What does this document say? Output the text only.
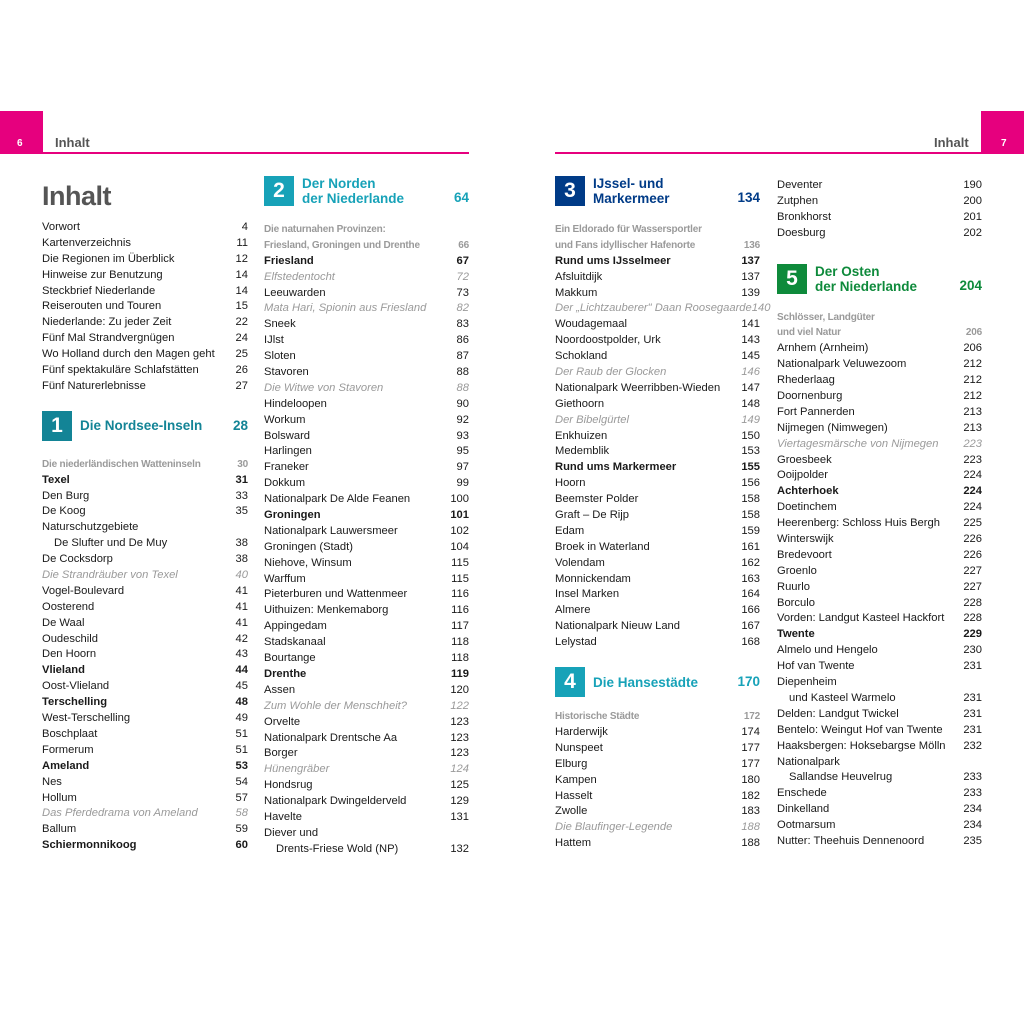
6 Inhalt	7
Inhalt
Inhalt
Vorwort	4
Kartenverzeichnis	11
Die Regionen im Überblick	12
Hinweise zur Benutzung	14
Steckbrief Niederlande	14
Reiserouten und Touren	15
Niederlande: Zu jeder Zeit	22
Fünf Mal Strandvergnügen	24
Wo Holland durch den Magen geht 25
Fünf spektakuläre Schlafstätten	26
Fünf Naturerlebnisse	27
1	Die Nordsee-Inseln	28
Die niederländischen Watteninseln	30
Texel	31
Den Burg	33
De Koog	35
Naturschutzgebiete
De Slufter und De Muy	38
De Cocksdorp	38
Die Strandräuber von Texel	40
Vogel-Boulevard	41
Oosterend	41
De Waal	41
Oudeschild	42
Den Hoorn	43
Vlieland	44
Oost-Vlieland	45
Terschelling	48
West-Terschelling	49
Boschplaat	51
Formerum	51
Ameland	53
Nes	54
Hollum	57
Das Pferdedrama von Ameland	58
Ballum	59
Schiermonnikoog	60
2	Der Norden
der Niederlande	64
Die naturnahen Provinzen:
Friesland, Groningen und Drenthe	66
Friesland	67
Elfstedentocht	72
Leeuwarden	73
Mata Hari, Spionin aus Friesland	82
Sneek	83
IJlst	86
Sloten	87
Stavoren	88
Die Witwe von Stavoren	88
Hindeloopen	90
Workum	92
Bolsward	93
Harlingen	95
Franeker	97
Dokkum	99
Nationalpark De Alde Feanen	100
Groningen	101
Nationalpark Lauwersmeer	102
Groningen (Stadt)	104
Niehove, Winsum	115
Warffum	115
Pieterburen und Wattenmeer	116
Uithuizen: Menkemaborg	116
Appingedam	117
Stadskanaal	118
Bourtange	118
Drenthe	119
Assen	120
Zum Wohle der Menschheit?	122
Orvelte	123
Nationalpark Drentsche Aa	123
Borger	123
Hünengräber	124
Hondsrug	125
Nationalpark Dwingelderveld	129
Havelte	131
Diever und
Drents-Friese Wold (NP)	132
3	IJssel- und
Markermeer	134
Ein Eldorado für Wassersportler
und Fans idyllischer Hafenorte	136
Rund ums IJsselmeer	137
Afsluitdijk	137
Makkum	139
Der „Lichtzauberer" Daan Roosegaarde 140
Woudagemaal	141
Noordoostpolder, Urk	143
Schokland	145
Der Raub der Glocken	146
Nationalpark Weerribben-Wieden 147
Giethoorn	148
Der Bibelgürtel	149
Enkhuizen	150
Medemblik	153
Rund ums Markermeer	155
Hoorn	156
Beemster Polder	158
Graft – De Rijp	158
Edam	159
Broek in Waterland	161
Volendam	162
Monnickendam	163
Insel Marken	164
Almere	166
Nationalpark Nieuw Land	167
Lelystad	168
4	Die Hansestädte	170
Historische Städte	172
Harderwijk	174
Nunspeet	177
Elburg	177
Kampen	180
Hasselt	182
Zwolle	183
Die Blaufinger-Legende	188
Hattem	188
Deventer	190
Zutphen	200
Bronkhorst	201
Doesburg	202
5	Der Osten
der Niederlande	204
Schlösser, Landgüter
und viel Natur	206
Arnhem (Arnheim)	206
Nationalpark Veluwezoom	212
Rhederlaag	212
Doornenburg	212
Fort Pannerden	213
Nijmegen (Nimwegen)	213
Viertagesmärsche von Nijmegen 223
Groesbeek	223
Ooijpolder	224
Achterhoek	224
Doetinchem	224
Heerenberg: Schloss Huis Bergh 225
Winterswijk	226
Bredevoort	226
Groenlo	227
Ruurlo	227
Borculo	228
Vorden: Landgut Kasteel Hackfort 228
Twente	229
Almelo und Hengelo	230
Hof van Twente	231
Diepenheim
und Kasteel Warmelo	231
Delden: Landgut Twickel	231
Bentelo: Weingut Hof van Twente 231
Haaksbergen: Hoksebargse Mölln 232
Nationalpark
Sallandse Heuvelrug	233
Enschede	233
Dinkelland	234
Ootmarsum	234
Nutter: Theehuis Dennenoord	235
